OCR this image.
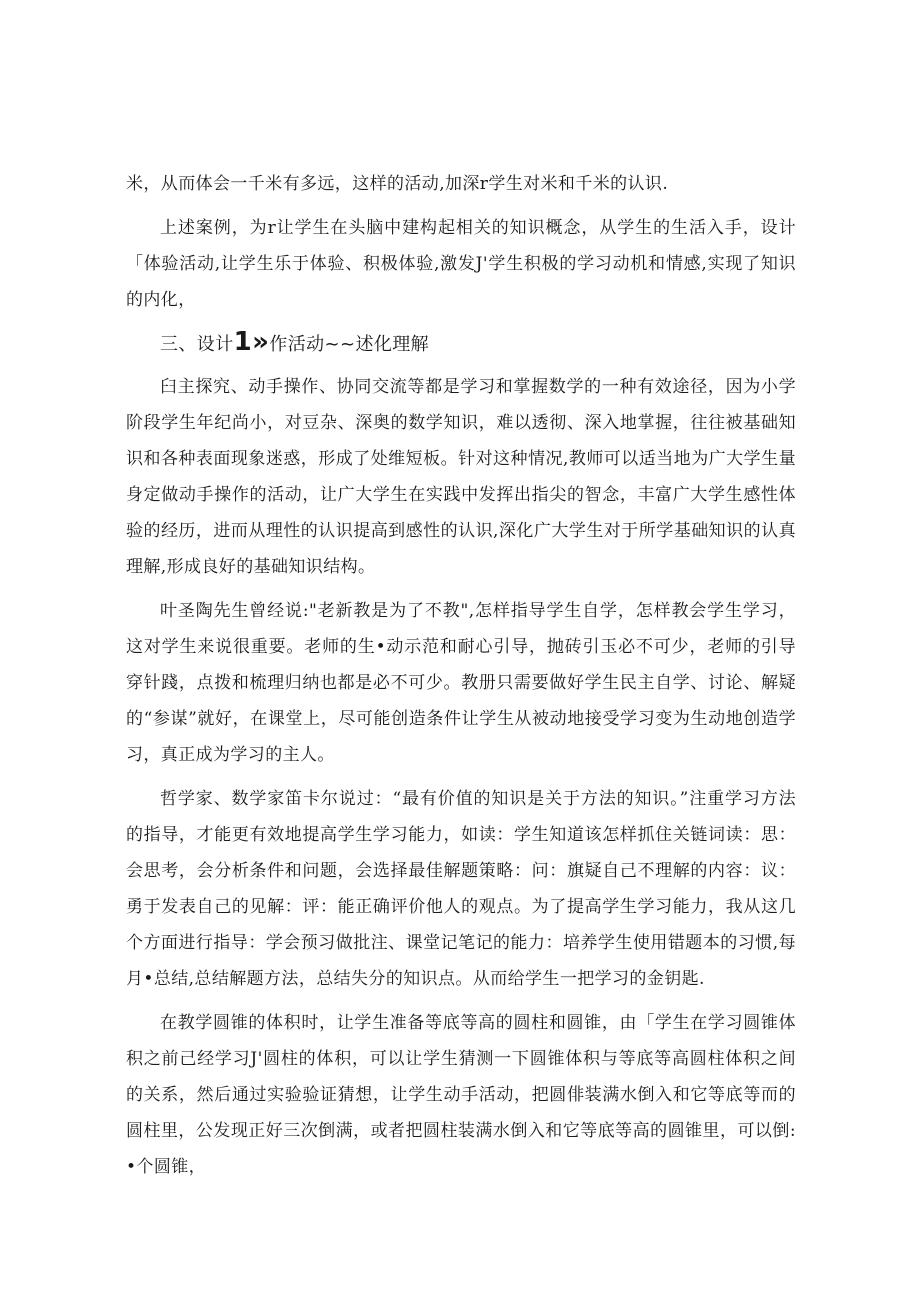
米，从而体会一千米有多远，这样的活动,加深r学生对米和千米的认识.

上述案例，为r让学生在头脑中建构起相关的知识概念，从学生的生活入手，设计「体验活动,让学生乐于体验、积极体验,激发J'学生积极的学习动机和情感,实现了知识的内化，

三、设计1»作活动~~述化理解

臼主探究、动手操作、协同交流等都是学习和掌握数学的一种有效途径，因为小学阶段学生年纪尚小，对豆杂、深奥的数学知识，难以透彻、深入地掌握，往往被基础知识和各种表面现象迷惑，形成了处维短板。针对这种情况,教师可以适当地为广大学生量身定做动手操作的活动，让广大学生在实践中发挥出指尖的智念，丰富广大学生感性体验的经历，进而从理性的认识提高到感性的认识,深化广大学生对于所学基础知识的认真理解,形成良好的基础知识结构。

叶圣陶先生曾经说:"老新教是为了不教",怎样指导学生自学，怎样教会学生学习，这对学生来说很重要。老师的生•动示范和耐心引导，抛砖引玉必不可少，老师的引导穿针踐，点拨和梳理归纳也都是必不可少。教册只需要做好学生民主自学、讨论、解疑的“参谋”就好，在课堂上，尽可能创造条件让学生从被动地接受学习变为生动地创造学习，真正成为学习的主人。

哲学家、数学家笛卡尔说过：“最有价值的知识是关于方法的知识。”注重学习方法的指导，才能更有效地提高学生学习能力，如读：学生知道该怎样抓住关链词读：思：会思考，会分析条件和问题，会选择最佳解题策略：问：旗疑自己不理解的内容：议：勇于发表自己的见解：评：能正确评价他人的观点。为了提高学生学习能力，我从这几个方面进行指导：学会预习做批注、课堂记笔记的能力：培养学生使用错题本的习惯,每月•总结,总结解题方法，总结失分的知识点。从而给学生一把学习的金钥匙.

在教学圆锥的体积时，让学生准备等底等高的圆柱和圆锥，由「学生在学习圆锥体积之前己经学习J'圆柱的体积，可以让学生猜测一下圆锥体积与等底等高圆柱体积之间的关系，然后通过实验验证猜想，让学生动手活动，把圆俳装满水倒入和它等底等而的圆柱里，公发现正好三次倒满，或者把圆柱装满水倒入和它等底等高的圆锥里，可以倒:•个圆锥，
